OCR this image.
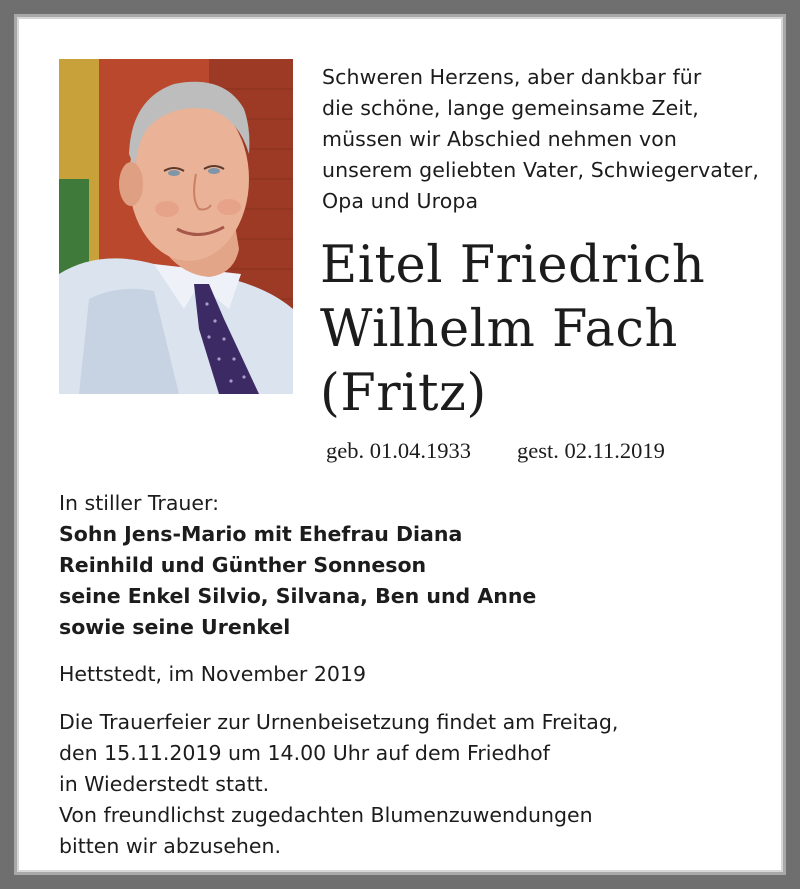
Schweren Herzens, aber dankbar für
die schöne, lange gemeinsame Zeit,
müssen wir Abschied nehmen von
unserem geliebten Vater, Schwiegervater,
Opa und Uropa
Eitel Friedrich
Wilhelm Fach
(Fritz)
geb. 01.04.1933 gest. 02.11.2019
In stiller Trauer:
Sohn Jens-Mario mit Ehefrau Diana
Reinhild und Günther Sonneson
seine Enkel Silvio, Silvana, Ben und Anne
sowie seine Urenkel
Hettstedt, im November 2019
Die Trauerfeier zur Urnenbeisetzung findet am Freitag,
den 15.11.2019 um 14.00 Uhr auf dem Friedhof
in Wiederstedt statt.
Von freundlichst zugedachten Blumenzuwendungen
bitten wir abzusehen.
